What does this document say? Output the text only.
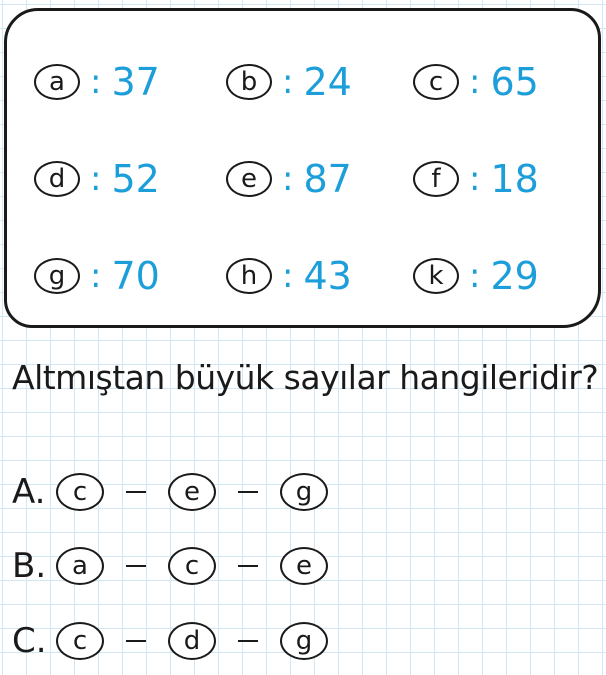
a : 37	b : 24	c : 65
d : 52	e : 87	f : 18
g : 70	h : 43	k : 29
Altmıştan büyük sayılar hangileridir?
A.	c	e	g
B. a	c	e
C.	c	d	g
